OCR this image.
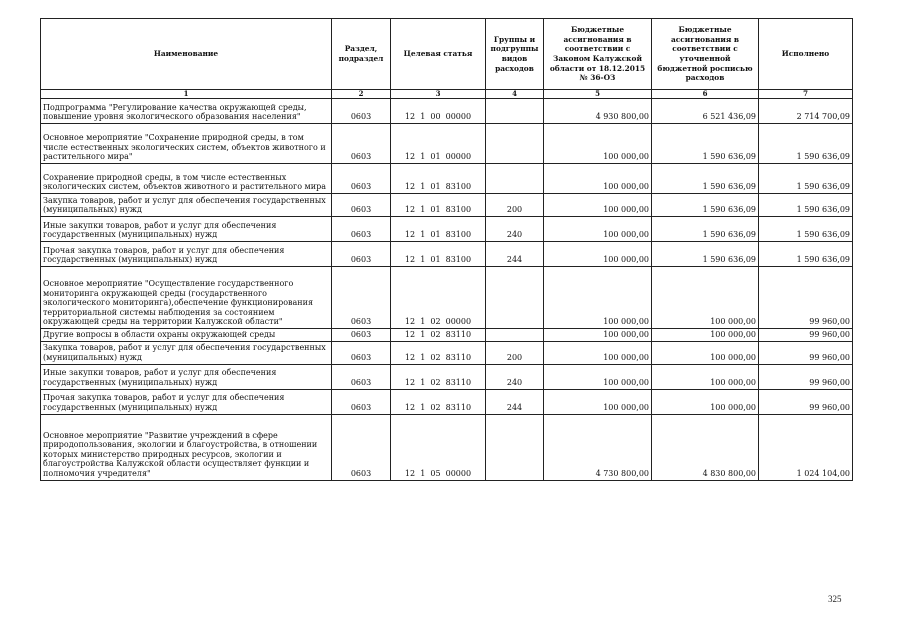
Наименование	Раздел, подраздел	Целевая статья	Группы и подгруппы видов расходов	Бюджетные ассигнования в соответствии с Законом Калужской области от 18.12.2015 № 36-ОЗ	Бюджетные ассигнования в соответствии с уточненной бюджетной росписью расходов	Исполнено
1	2	3	4	5	6	7
Подпрограмма "Регулирование качества окружающей среды, повышение уровня экологического образования населения"	0603	12  1  00  00000		4 930 800,00	6 521 436,09	2 714 700,09
Основное мероприятие "Сохранение природной среды, в том числе естественных экологических систем, объектов животного и растительного мира"	0603	12  1  01  00000		100 000,00	1 590 636,09	1 590 636,09
Сохранение природной среды, в том числе естественных экологических систем, объектов животного и растительного мира	0603	12  1  01  83100		100 000,00	1 590 636,09	1 590 636,09
Закупка товаров, работ и услуг для обеспечения государственных (муниципальных) нужд	0603	12  1  01  83100	200	100 000,00	1 590 636,09	1 590 636,09
Иные закупки товаров, работ и услуг для обеспечения государственных (муниципальных) нужд	0603	12  1  01  83100	240	100 000,00	1 590 636,09	1 590 636,09
Прочая закупка товаров, работ и услуг для обеспечения государственных (муниципальных) нужд	0603	12  1  01  83100	244	100 000,00	1 590 636,09	1 590 636,09
Основное мероприятие "Осуществление государственного мониторинга окружающей среды (государственного экологического мониторинга),обеспечение функционирования территориальной системы наблюдения за состоянием окружающей среды на территории Калужской области"	0603	12  1  02  00000		100 000,00	100 000,00	99 960,00
Другие вопросы в области охраны окружающей среды	0603	12  1  02  83110		100 000,00	100 000,00	99 960,00
Закупка товаров, работ и услуг для обеспечения государственных (муниципальных) нужд	0603	12  1  02  83110	200	100 000,00	100 000,00	99 960,00
Иные закупки товаров, работ и услуг для обеспечения государственных (муниципальных) нужд	0603	12  1  02  83110	240	100 000,00	100 000,00	99 960,00
Прочая закупка товаров, работ и услуг для обеспечения государственных (муниципальных) нужд	0603	12  1  02  83110	244	100 000,00	100 000,00	99 960,00
Основное мероприятие "Развитие учреждений в сфере природопользования, экологии и благоустройства, в отношении которых министерство природных ресурсов, экологии и благоустройства Калужской области осуществляет функции и полномочия учредителя"	0603	12  1  05  00000		4 730 800,00	4 830 800,00	1 024 104,00
325
